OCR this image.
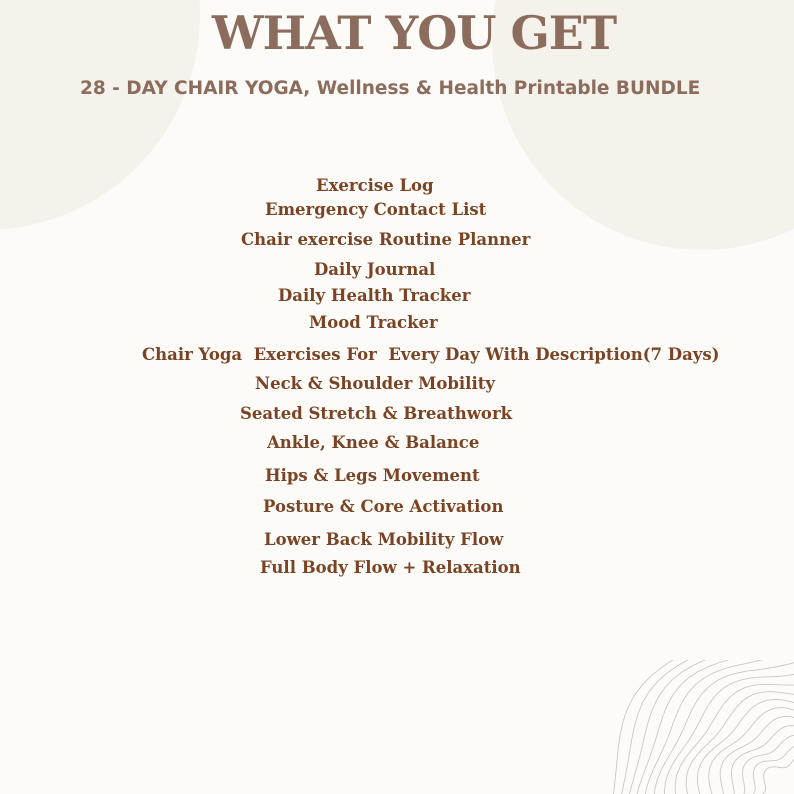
WHAT YOU GET

28 - DAY CHAIR YOGA, Wellness & Health Printable BUNDLE

Exercise Log

Emergency Contact List

Chair exercise Routine Planner

Daily Journal

Daily Health Tracker

Mood Tracker

Chair Yoga  Exercises For  Every Day With Description(7 Days)

Neck & Shoulder Mobility

Seated Stretch & Breathwork

Ankle, Knee & Balance

Hips & Legs Movement

Posture & Core Activation

Lower Back Mobility Flow

Full Body Flow + Relaxation
